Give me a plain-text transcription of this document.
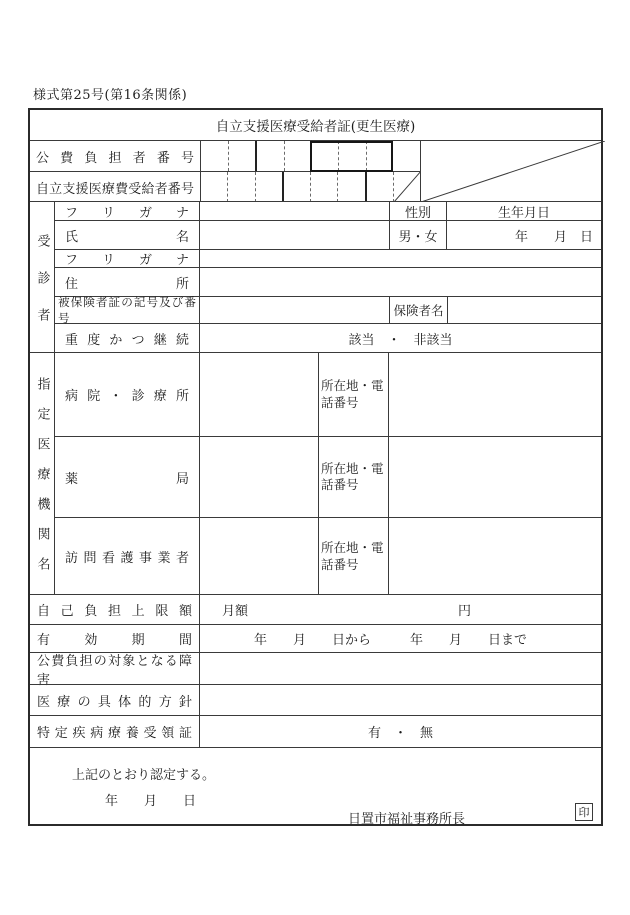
様式第25号(第16条関係)
自立支援医療受給者証(更生医療)
公 費 負 担 者 番 号
自立支援医療費受給者番号
受診者
フ リ ガ ナ	性別	生年月日
氏 名	男・女	年　　月　日
フ リ ガ ナ
住 所
被保険者証の記号及び番号	保険者名
重 度 か つ 継 続	該当　・　非該当
指定医療機関名 病 院 ・ 診 療 所
所在地・電話番号
薬 局
所在地・電話番号
訪 問 看 護 事 業 者
所在地・電話番号
自 己 負 担 上 限 額	月額	円
有 効 期 間	年　　月　　日から　　　年　　月　　日まで
公費負担の対象となる障害
医 療 の 具 体 的 方 針
特 定 疾 病 療 養 受 領 証	有　・　無
上記のとおり認定する。
年　　月　　日
日置市福祉事務所長	印
